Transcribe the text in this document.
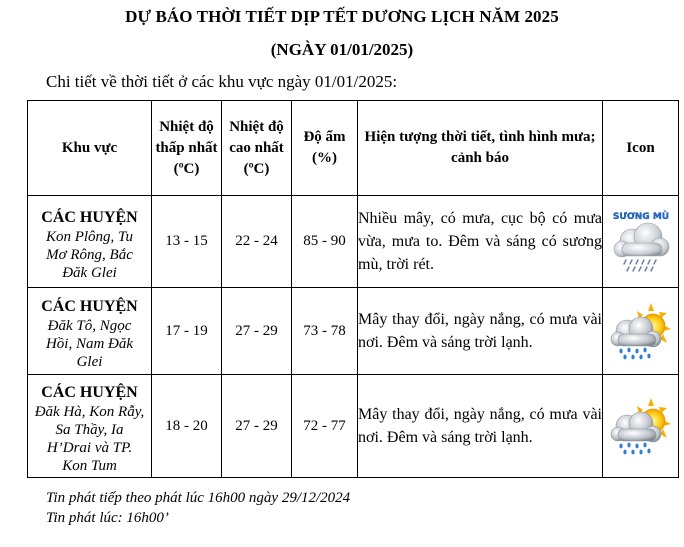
DỰ BÁO THỜI TIẾT DỊP TẾT DƯƠNG LỊCH NĂM 2025
(NGÀY 01/01/2025)
Chi tiết về thời tiết ở các khu vực ngày 01/01/2025:
Khu vực	Nhiệt độ thấp nhất (ºC)	Nhiệt độ cao nhất (ºC)	Độ ẩm (%)	Hiện tượng thời tiết, tình hình mưa; cảnh báo	Icon

CÁC HUYỆN
Kon Plông, Tu Mơ Rông, Bắc Đăk Glei	13 - 15	22 - 24	85 - 90	Nhiều mây, có mưa, cục bộ có mưa vừa, mưa to. Đêm và sáng có sương mù, trời rét.	SƯƠNG MÙ

CÁC HUYỆN
Đăk Tô, Ngọc Hồi, Nam Đăk Glei	17 - 19	27 - 29	73 - 78	Mây thay đổi, ngày nắng, có mưa vài nơi. Đêm và sáng trời lạnh.	

CÁC HUYỆN
Đăk Hà, Kon Rẫy, Sa Thầy, Ia H’Drai và TP. Kon Tum	18 - 20	27 - 29	72 - 77	Mây thay đổi, ngày nắng, có mưa vài nơi. Đêm và sáng trời lạnh.	
Tin phát tiếp theo phát lúc 16h00 ngày 29/12/2024
Tin phát lúc: 16h00’
